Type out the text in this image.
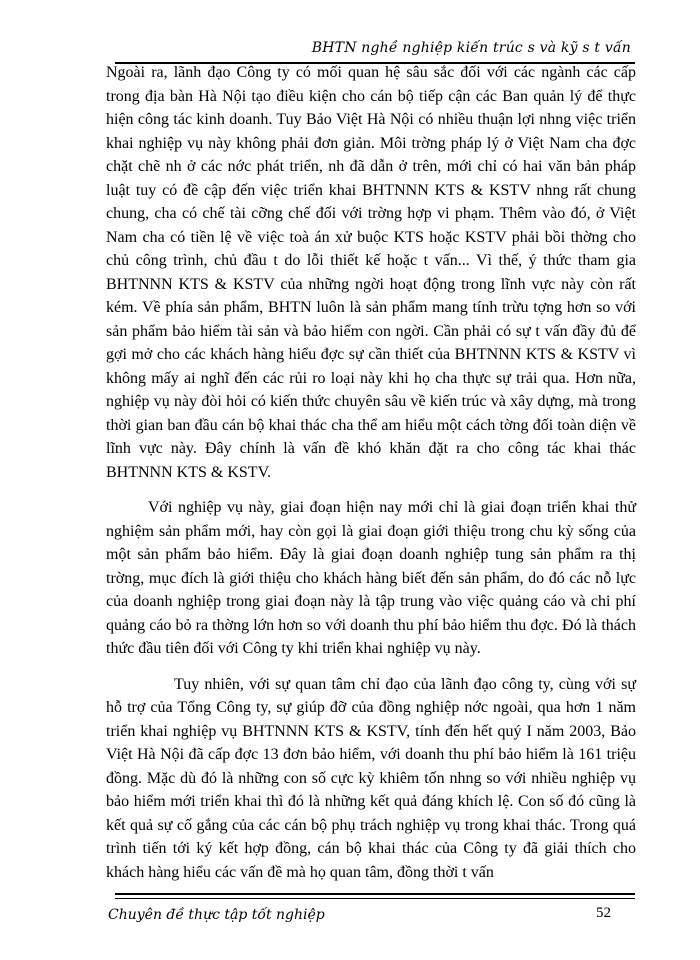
BHTN nghề nghiệp kiến trúc s và kỹ s t vấn

Ngoài ra, lãnh đạo Công ty có mối quan hệ sâu sắc đối với các ngành các cấp trong địa bàn Hà Nội tạo điều kiện cho cán bộ tiếp cận các Ban quản lý để thực hiện công tác kinh doanh. Tuy Bảo Việt Hà Nội có nhiều thuận lợi nhng việc triển khai nghiệp vụ này không phải đơn giản. Môi trờng pháp lý ở Việt Nam cha đợc chặt chẽ nh ở các nớc phát triển, nh đã dẫn ở trên, mới chỉ có hai văn bản pháp luật tuy có đề cập đến việc triển khai BHTNNN KTS & KSTV nhng rất chung chung, cha có chế tài cỡng chế đối với trờng hợp vi phạm. Thêm vào đó, ở Việt Nam cha có tiền lệ về việc toà án xử buộc KTS hoặc KSTV phải bồi thờng cho chủ công trình, chủ đầu t do lỗi thiết kế hoặc t vấn... Vì thế, ý thức tham gia BHTNNN KTS & KSTV của những ngời hoạt động trong lĩnh vực này còn rất kém. Về phía sản phẩm, BHTN luôn là sản phẩm mang tính trừu tợng hơn so với sản phẩm bảo hiểm tài sản và bảo hiểm con ngời. Cần phải có sự t vấn đầy đủ để gợi mở cho các khách hàng hiểu đợc sự cần thiết của BHTNNN KTS & KSTV vì không mấy ai nghĩ đến các rủi ro loại này khi họ cha thực sự trải qua. Hơn nữa, nghiệp vụ này đòi hỏi có kiến thức chuyên sâu về kiến trúc và xây dựng, mà trong thời gian ban đầu cán bộ khai thác cha thể am hiểu một cách tờng đối toàn diện về lĩnh vực này. Đây chính là vấn đề khó khăn đặt ra cho công tác khai thác BHTNNN KTS & KSTV.

Với nghiệp vụ này, giai đoạn hiện nay mới chỉ là giai đoạn triển khai thử nghiệm sản phẩm mới, hay còn gọi là giai đoạn giới thiệu trong chu kỳ sống của một sản phẩm bảo hiểm. Đây là giai đoạn doanh nghiệp tung sản phẩm ra thị trờng, mục đích là giới thiệu cho khách hàng biết đến sản phẩm, do đó các nỗ lực của doanh nghiệp trong giai đoạn này là tập trung vào việc quảng cáo và chi phí quảng cáo bỏ ra thờng lớn hơn so với doanh thu phí bảo hiểm thu đợc. Đó là thách thức đầu tiên đối với Công ty khi triển khai nghiệp vụ này.

Tuy nhiên, với sự quan tâm chỉ đạo của lãnh đạo công ty, cùng với sự hỗ trợ của Tổng Công ty, sự giúp đỡ của đồng nghiệp nớc ngoài, qua hơn 1 năm triển khai nghiệp vụ BHTNNN KTS & KSTV, tính đến hết quý I năm 2003, Bảo Việt Hà Nội đã cấp đợc 13 đơn bảo hiểm, với doanh thu phí bảo hiểm là 161 triệu đồng. Mặc dù đó là những con số cực kỳ khiêm tốn nhng so với nhiều nghiệp vụ bảo hiểm mới triển khai thì đó là những kết quả đáng khích lệ. Con số đó cũng là kết quả sự cố gắng của các cán bộ phụ trách nghiệp vụ trong khai thác. Trong quá trình tiến tới ký kết hợp đồng, cán bộ khai thác của Công ty đã giải thích cho khách hàng hiểu các vấn đề mà họ quan tâm, đồng thời t vấn

Chuyên đề thực tập tốt nghiệp	52
